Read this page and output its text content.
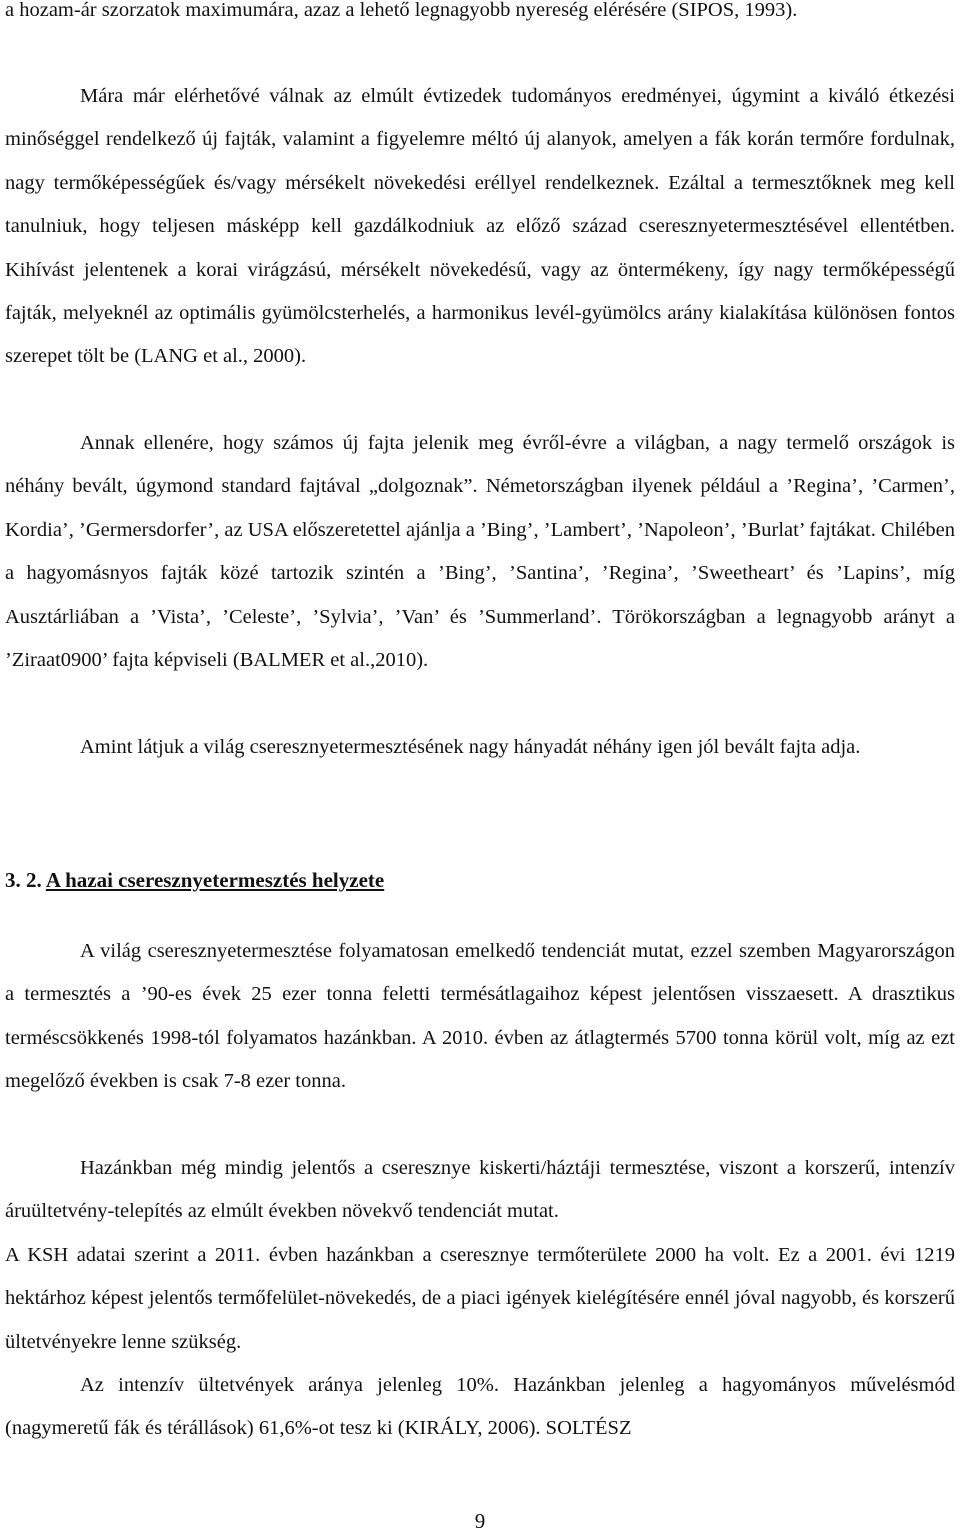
a hozam-ár szorzatok maximumára, azaz a lehető legnagyobb nyereség elérésére (SIPOS, 1993).

Mára már elérhetővé válnak az elmúlt évtizedek tudományos eredményei, úgymint a kiváló étkezési minőséggel rendelkező új fajták, valamint a figyelemre méltó új alanyok, amelyen a fák korán termőre fordulnak, nagy termőképességűek és/vagy mérsékelt növekedési eréllyel rendelkeznek. Ezáltal a termesztőknek meg kell tanulniuk, hogy teljesen másképp kell gazdálkodniuk az előző század cseresznyetermesztésével ellentétben. Kihívást jelentenek a korai virágzású, mérsékelt növekedésű, vagy az öntermékeny, így nagy termőképességű fajták, melyeknél az optimális gyümölcsterhelés, a harmonikus levél-gyümölcs arány kialakítása különösen fontos szerepet tölt be (LANG et al., 2000).

Annak ellenére, hogy számos új fajta jelenik meg évről-évre a világban, a nagy termelő országok is néhány bevált, úgymond standard fajtával „dolgoznak”. Németországban ilyenek például a ’Regina’, ’Carmen’, Kordia’, ’Germersdorfer’, az USA előszeretettel ajánlja a ’Bing’, ’Lambert’, ’Napoleon’, ’Burlat’ fajtákat. Chilében a hagyomásnyos fajták közé tartozik szintén a ’Bing’, ’Santina’, ’Regina’, ’Sweetheart’ és ’Lapins’, míg Ausztárliában a ’Vista’, ’Celeste’, ’Sylvia’, ’Van’ és ’Summerland’. Törökországban a legnagyobb arányt a ’Ziraat0900’ fajta képviseli (BALMER et al.,2010).

Amint látjuk a világ cseresznyetermesztésének nagy hányadát néhány igen jól bevált fajta adja.

3. 2. A hazai cseresznyetermesztés helyzete

A világ cseresznyetermesztése folyamatosan emelkedő tendenciát mutat, ezzel szemben Magyarországon a termesztés a ’90-es évek 25 ezer tonna feletti termésátlagaihoz képest jelentősen visszaesett. A drasztikus terméscsökkenés 1998-tól folyamatos hazánkban. A 2010. évben az átlagtermés 5700 tonna körül volt, míg az ezt megelőző években is csak 7-8 ezer tonna.

Hazánkban még mindig jelentős a cseresznye kiskerti/háztáji termesztése, viszont a korszerű, intenzív áruültetvény-telepítés az elmúlt években növekvő tendenciát mutat.

A KSH adatai szerint a 2011. évben hazánkban a cseresznye termőterülete 2000 ha volt. Ez a 2001. évi 1219 hektárhoz képest jelentős termőfelület-növekedés, de a piaci igények kielégítésére ennél jóval nagyobb, és korszerű ültetvényekre lenne szükség.

Az intenzív ültetvények aránya jelenleg 10%. Hazánkban jelenleg a hagyományos művelésmód (nagymeretű fák és térállások) 61,6%-ot tesz ki (KIRÁLY, 2006). SOLTÉSZ

9
